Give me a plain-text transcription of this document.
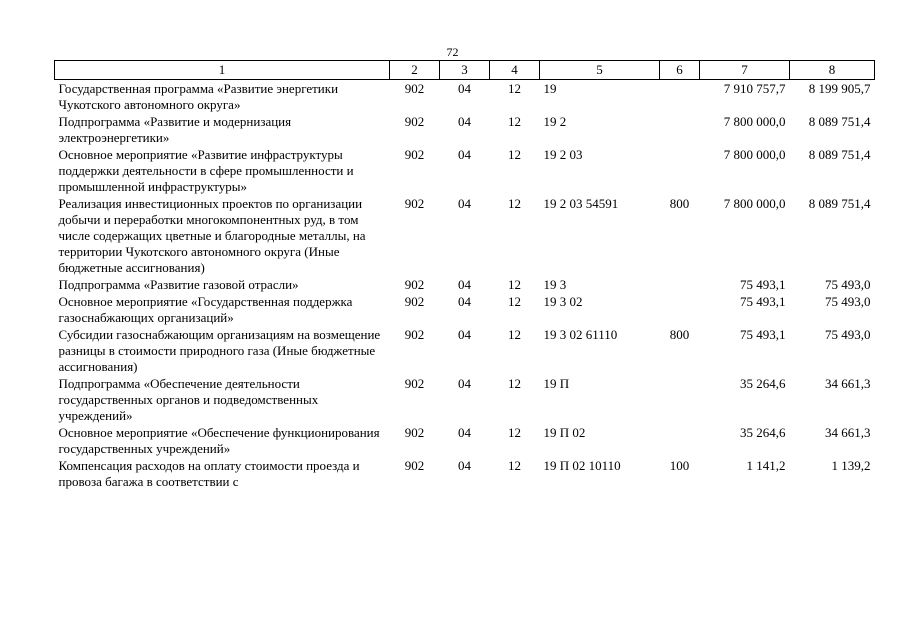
72
1	2	3	4	5	6	7	8
Государственная программа «Развитие энергетики Чукотского автономного округа»	902	04	12	19		7 910 757,7	8 199 905,7
Подпрограмма «Развитие и модернизация электроэнергетики»	902	04	12	19 2		7 800 000,0	8 089 751,4
Основное мероприятие «Развитие инфраструктуры поддержки деятельности в сфере промышленности и промышленной инфраструктуры»	902	04	12	19 2 03		7 800 000,0	8 089 751,4
Реализация инвестиционных проектов по организации добычи и переработки многокомпонентных руд, в том числе содержащих цветные и благородные металлы, на территории Чукотского автономного округа (Иные бюджетные ассигнования)	902	04	12	19 2 03 54591	800	7 800 000,0	8 089 751,4
Подпрограмма «Развитие газовой отрасли»	902	04	12	19 3		75 493,1	75 493,0
Основное мероприятие «Государственная поддержка газоснабжающих организаций»	902	04	12	19 3 02		75 493,1	75 493,0
Субсидии газоснабжающим организациям на возмещение разницы в стоимости природного газа (Иные бюджетные ассигнования)	902	04	12	19 3 02 61110	800	75 493,1	75 493,0
Подпрограмма «Обеспечение деятельности государственных органов и подведомственных учреждений»	902	04	12	19 П		35 264,6	34 661,3
Основное мероприятие «Обеспечение функционирования государственных учреждений»	902	04	12	19 П 02		35 264,6	34 661,3
Компенсация расходов на оплату стоимости проезда и провоза багажа в соответствии с	902	04	12	19 П 02 10110	100	1 141,2	1 139,2
